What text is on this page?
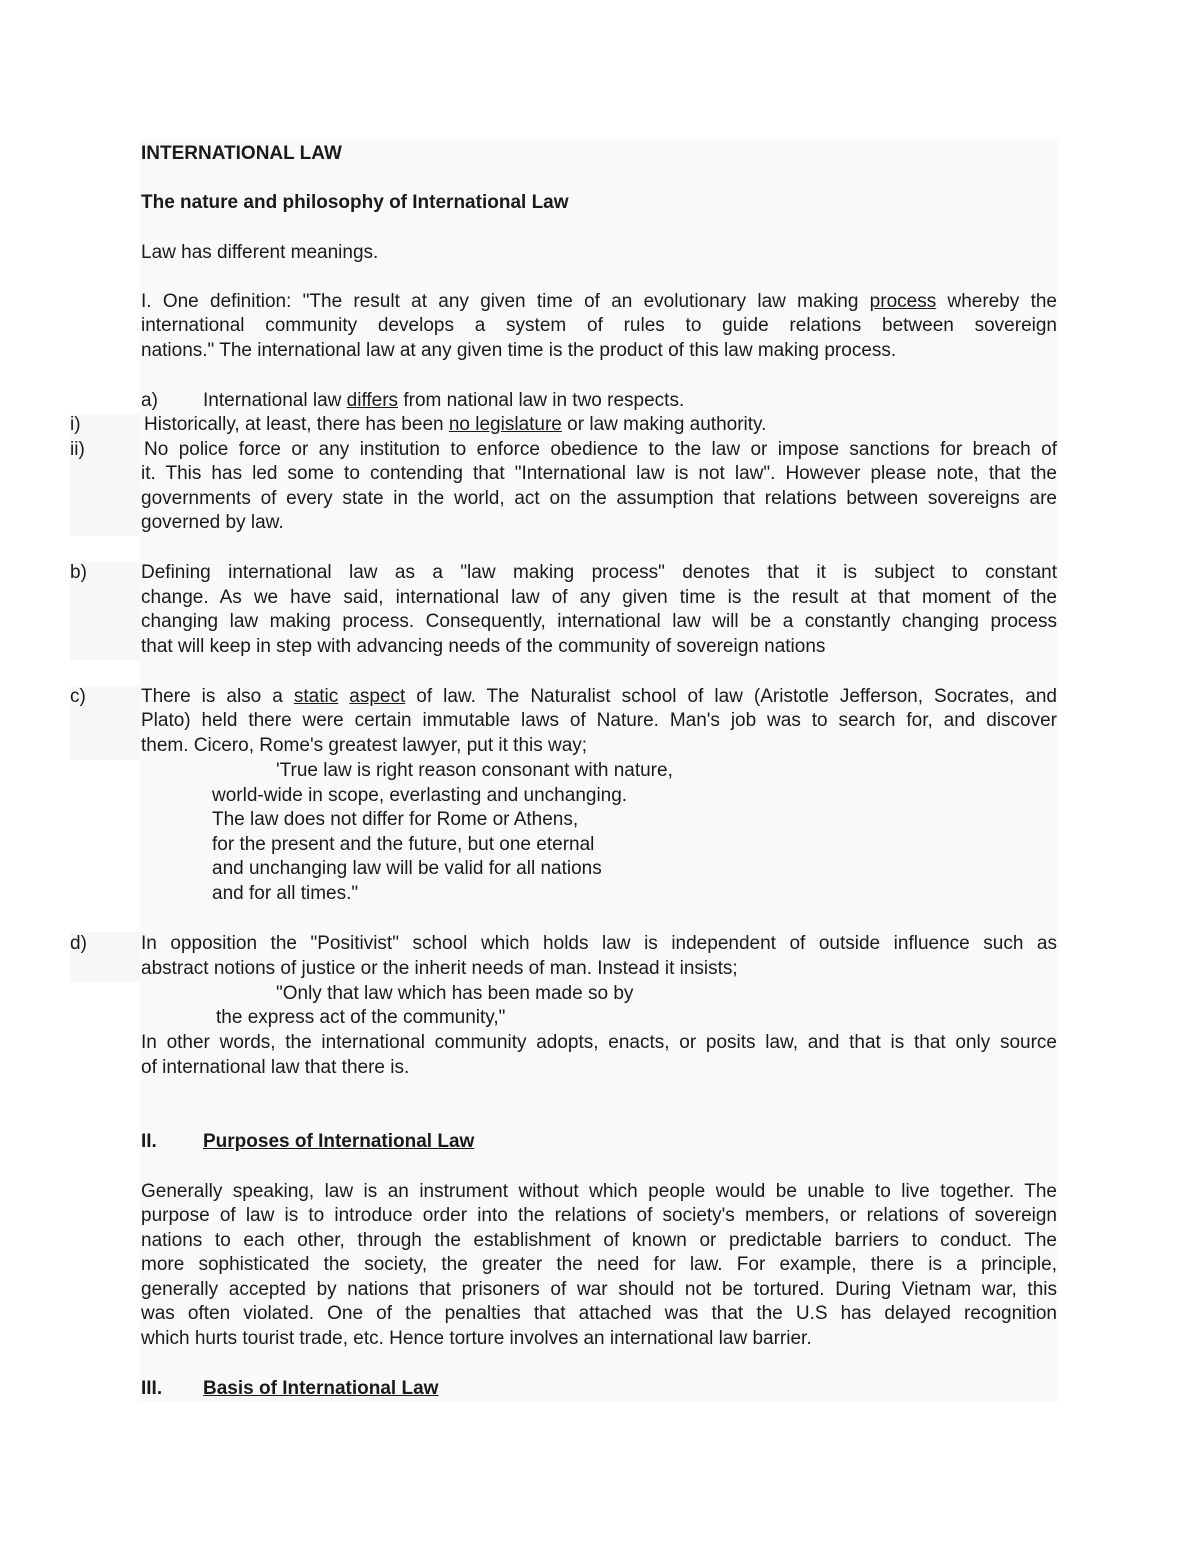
INTERNATIONAL LAW
The nature and philosophy of International Law
Law has different meanings.
I. One definition: "The result at any given time of an evolutionary law making process whereby the
international community develops a system of rules to guide relations between sovereign
nations." The international law at any given time is the product of this law making process.
a) International law differs from national law in two respects.
i)	Historically, at least, there has been no legislature or law making authority.
ii)	No police force or any institution to enforce obedience to the law or impose sanctions for breach of
it. This has led some to contending that "International law is not law". However please note, that the
governments of every state in the world, act on the assumption that relations between sovereigns are
governed by law.
b)	Defining international law as a "law making process" denotes that it is subject to constant
change. As we have said, international law of any given time is the result at that moment of the
changing law making process. Consequently, international law will be a constantly changing process
that will keep in step with advancing needs of the community of sovereign nations
c)	There is also a static aspect of law. The Naturalist school of law (Aristotle Jefferson, Socrates, and
Plato) held there were certain immutable laws of Nature. Man's job was to search for, and discover
them. Cicero, Rome's greatest lawyer, put it this way;
'True law is right reason consonant with nature,
world-wide in scope, everlasting and unchanging.
The law does not differ for Rome or Athens,
for the present and the future, but one eternal
and unchanging law will be valid for all nations
and for all times."
d)	In opposition the "Positivist" school which holds law is independent of outside influence such as
abstract notions of justice or the inherit needs of man. Instead it insists;
"Only that law which has been made so by
the express act of the community,"
In other words, the international community adopts, enacts, or posits law, and that is that only source
of international law that there is.
II. Purposes of International Law
Generally speaking, law is an instrument without which people would be unable to live together. The
purpose of law is to introduce order into the relations of society's members, or relations of sovereign
nations to each other, through the establishment of known or predictable barriers to conduct. The
more sophisticated the society, the greater the need for law. For example, there is a principle,
generally accepted by nations that prisoners of war should not be tortured. During Vietnam war, this
was often violated. One of the penalties that attached was that the U.S has delayed recognition
which hurts tourist trade, etc. Hence torture involves an international law barrier.
III. Basis of International Law
